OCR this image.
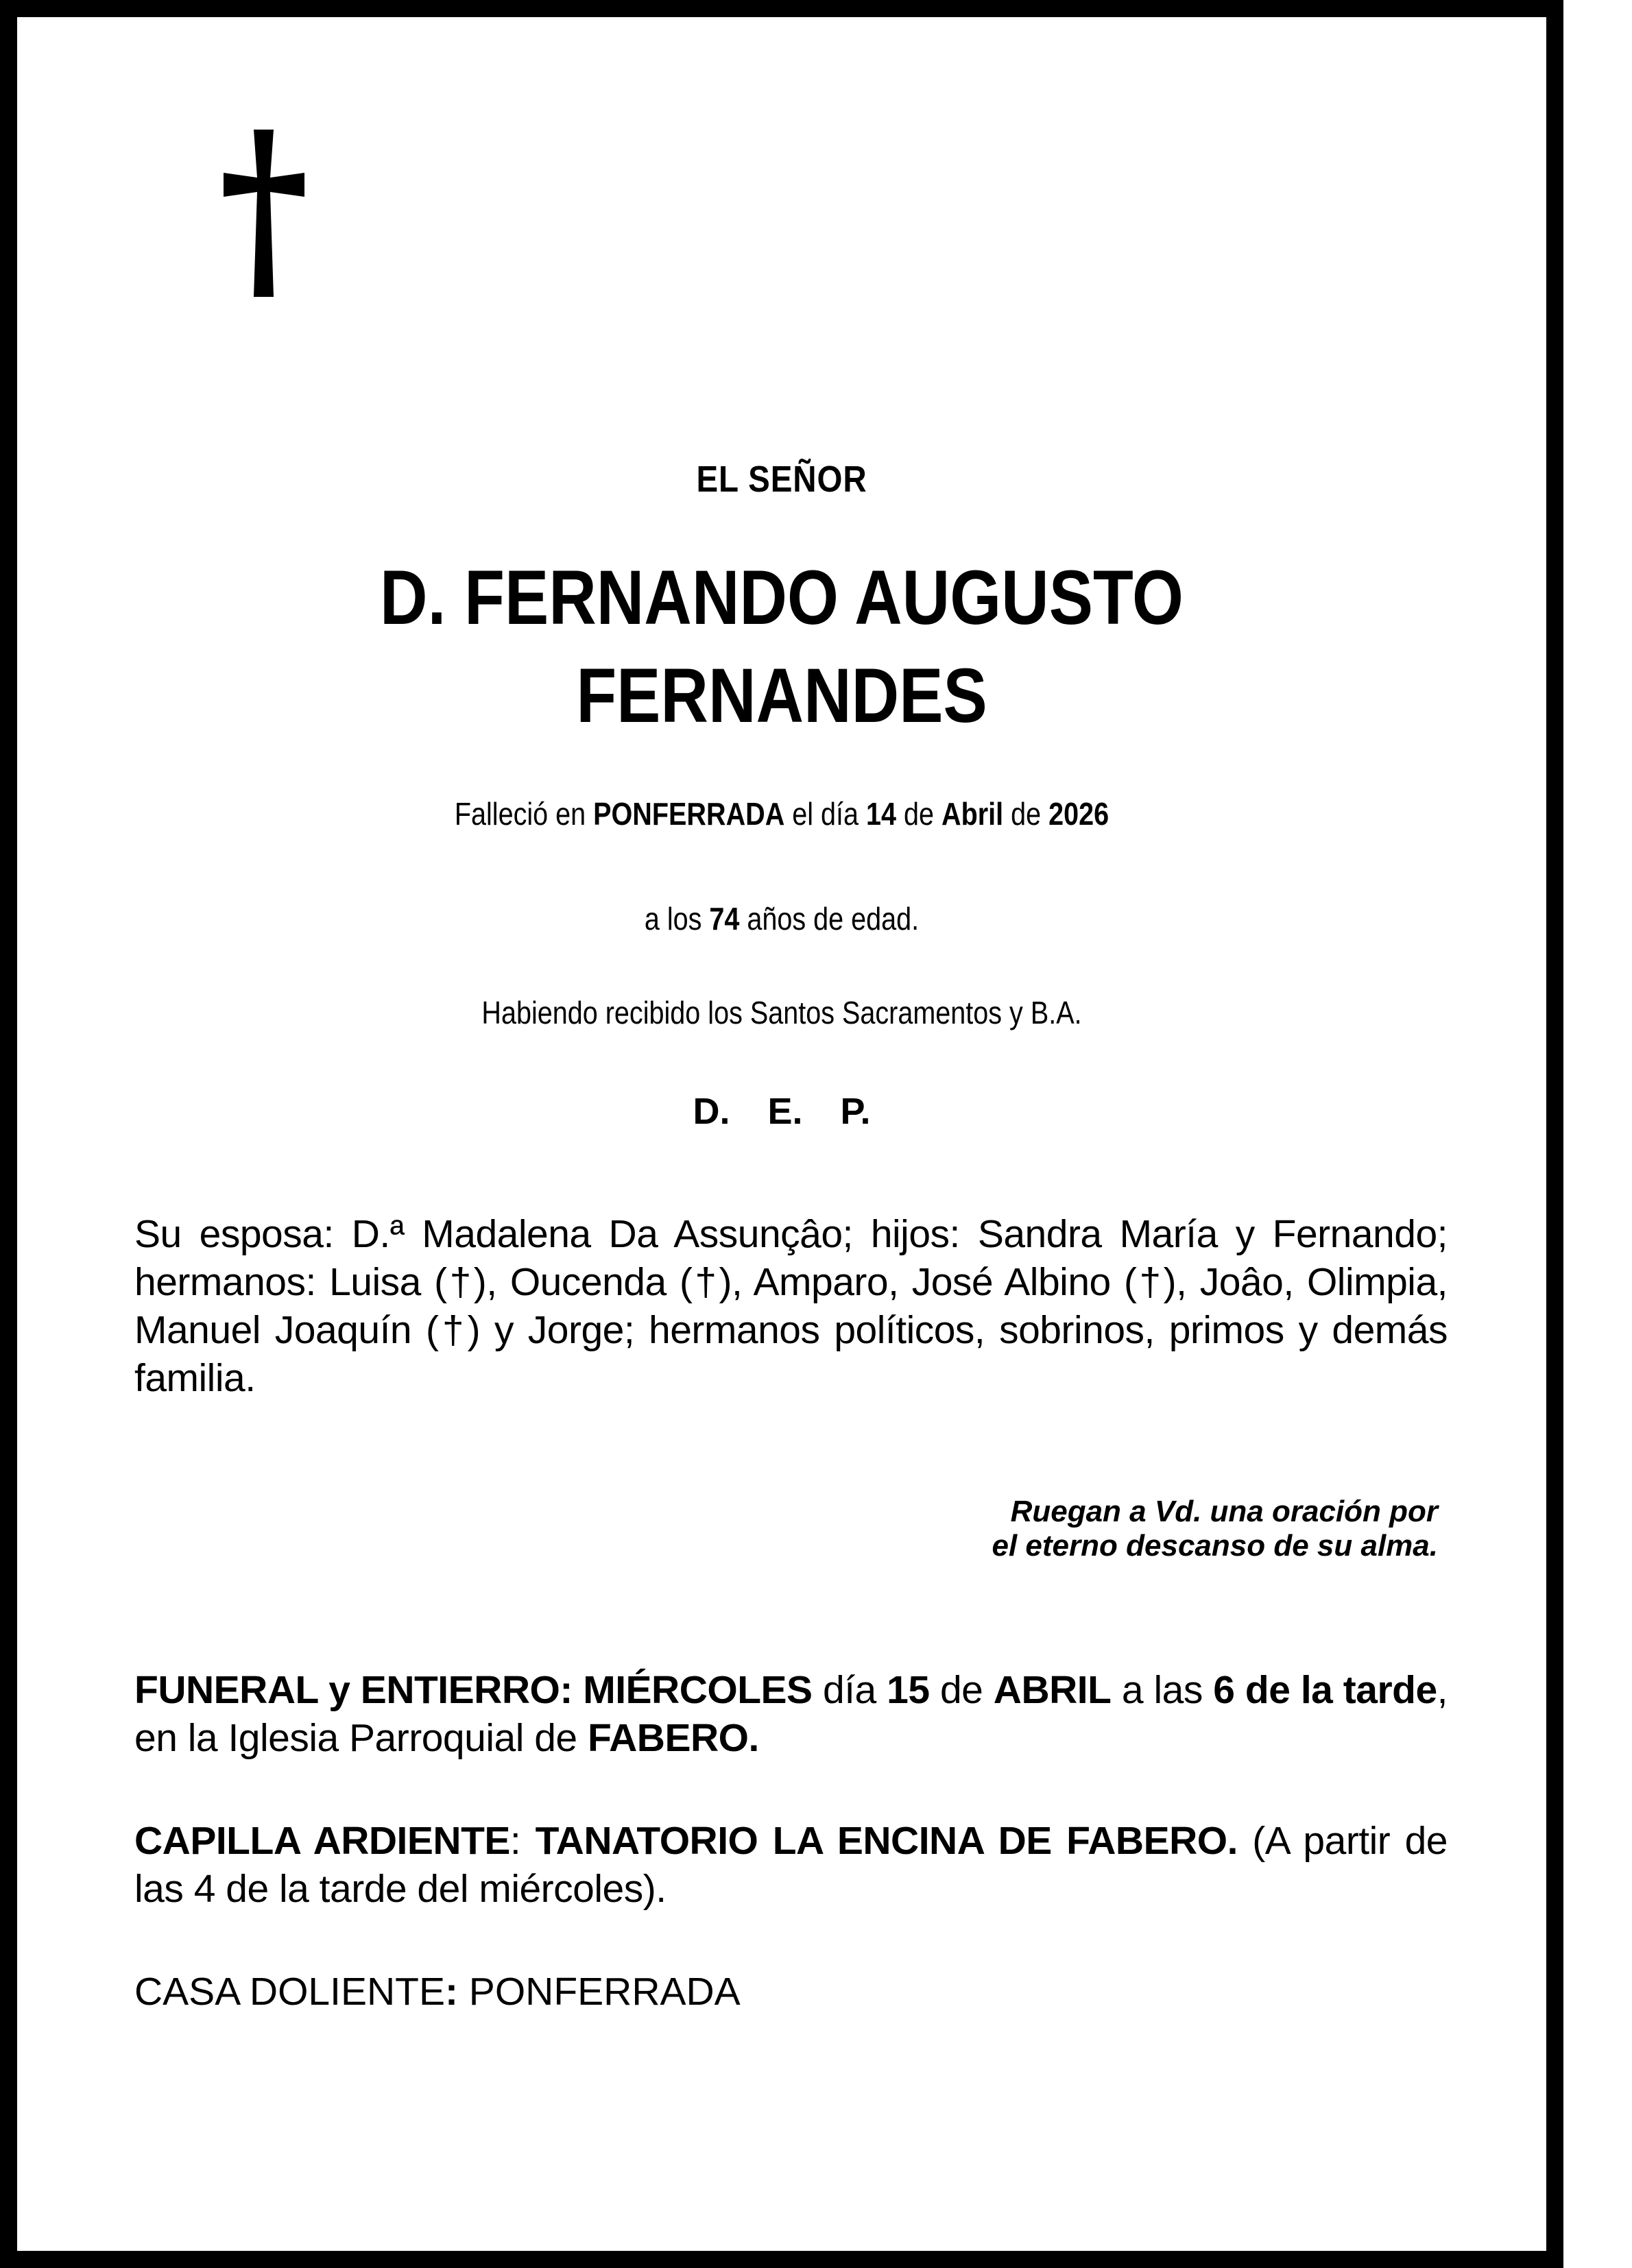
EL SEÑOR
D. FERNANDO AUGUSTO
FERNANDES
Falleció en PONFERRADA el día 14 de Abril de 2026
a los 74 años de edad.
Habiendo recibido los Santos Sacramentos y B.A.
D. E. P.
Su esposa: D.ª Madalena Da Assunçâo; hijos: Sandra María y Fernando; hermanos: Luisa (†), Oucenda (†), Amparo, José Albino (†), Joâo, Olimpia, Manuel Joaquín (†) y Jorge; hermanos políticos, sobrinos, primos y demás familia.
Ruegan a Vd. una oración por
el eterno descanso de su alma.
FUNERAL y ENTIERRO: MIÉRCOLES día 15 de ABRIL a las 6 de la tarde, en la Iglesia Parroquial de FABERO.
CAPILLA ARDIENTE: TANATORIO LA ENCINA DE FABERO. (A partir de las 4 de la tarde del miércoles).
CASA DOLIENTE: PONFERRADA
